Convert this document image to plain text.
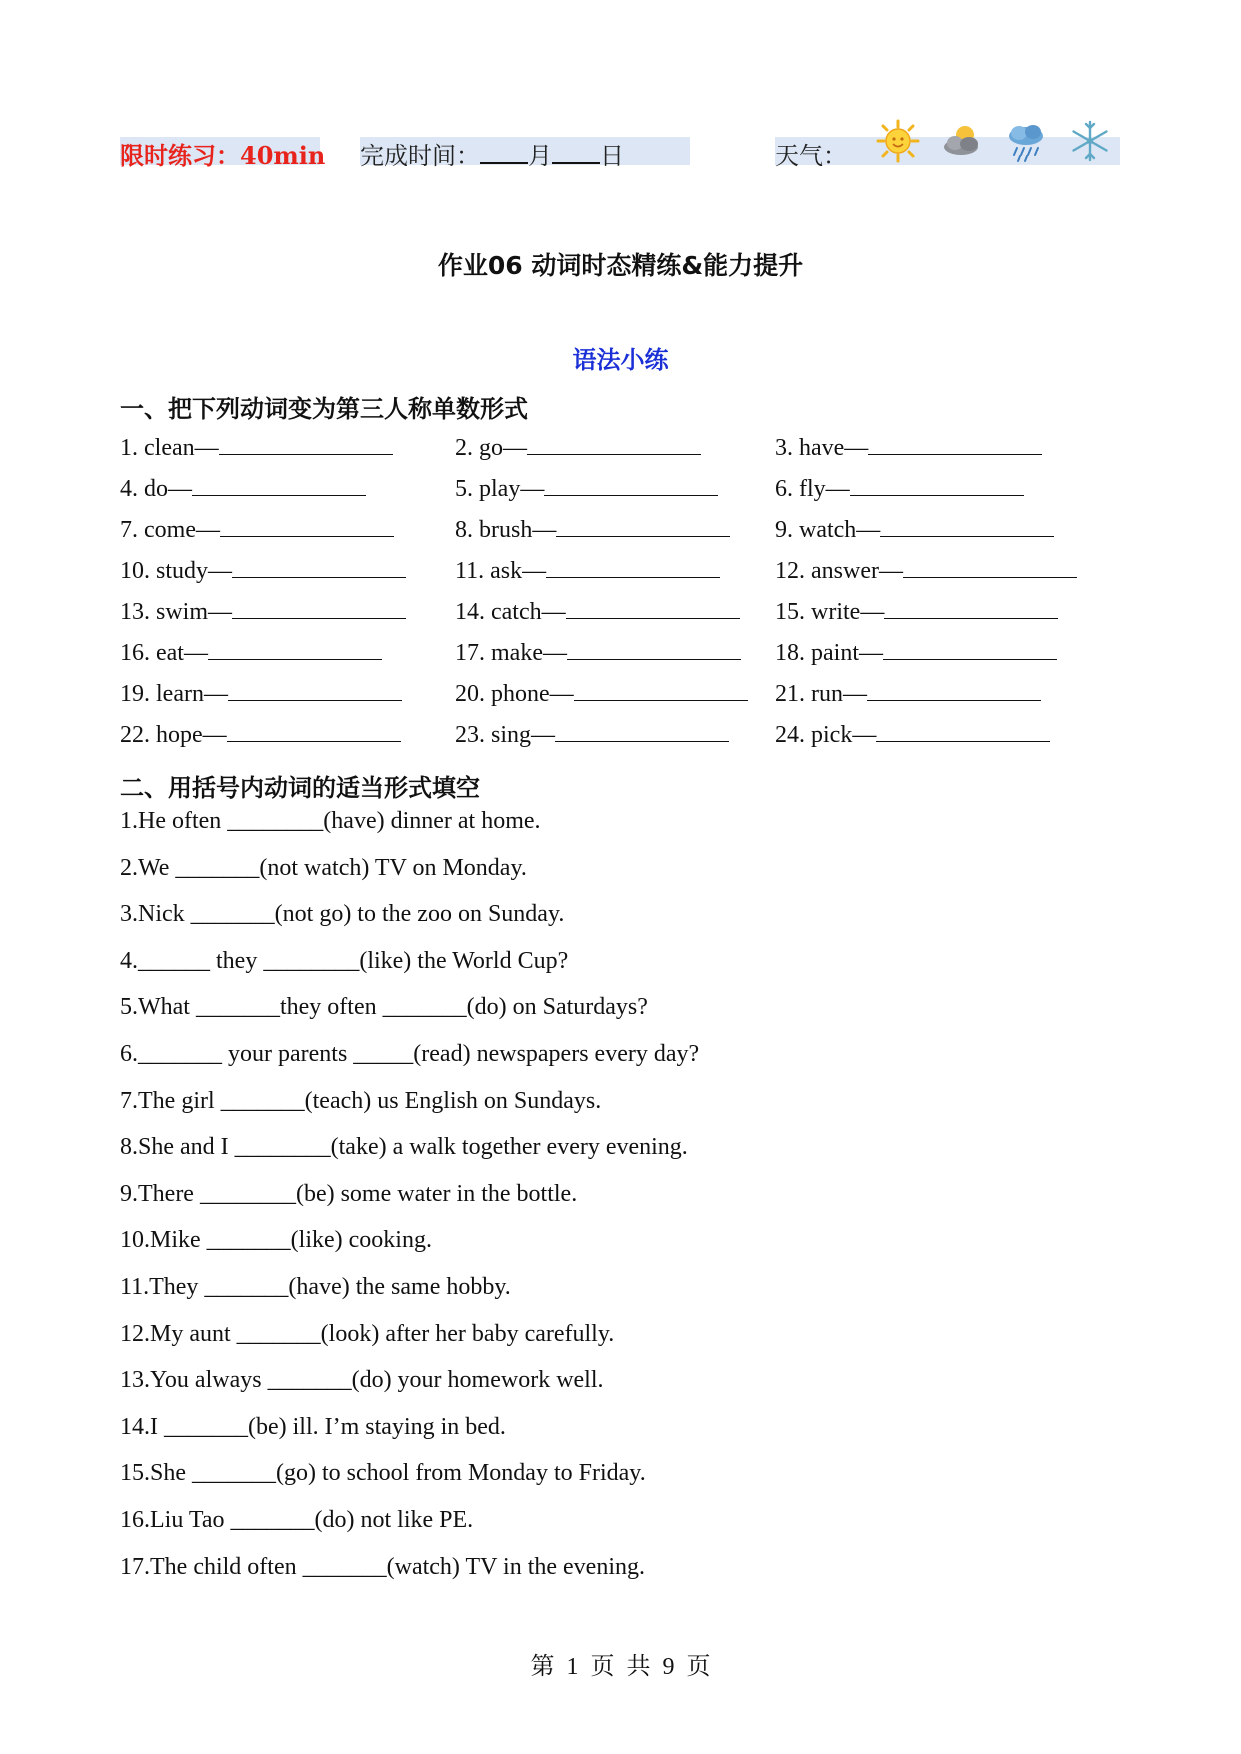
限时练习：40min 完成时间： 月 日	天气：
作业06 动词时态精练&能力提升
语法小练
一、把下列动词变为第三人称单数形式
1. clean—	2. go—	3. have—
4. do—	5. play—	6. fly—
7. come—	8. brush—	9. watch—
10. study—	11. ask—	12. answer—
13. swim—	14. catch—	15. write—
16. eat—	17. make—	18. paint—
19. learn—	20. phone—	21. run—
22. hope—	23. sing—	24. pick—
二、用括号内动词的适当形式填空
1.He often ________(have) dinner at home.
2.We _______(not watch) TV on Monday.
3.Nick _______(not go) to the zoo on Sunday.
4.______ they ________(like) the World Cup?
5.What _______they often _______(do) on Saturdays?
6._______ your parents _____(read) newspapers every day?
7.The girl _______(teach) us English on Sundays.
8.She and I ________(take) a walk together every evening.
9.There ________(be) some water in the bottle.
10.Mike _______(like) cooking.
11.They _______(have) the same hobby.
12.My aunt _______(look) after her baby carefully.
13.You always _______(do) your homework well.
14.I _______(be) ill. I’m staying in bed.
15.She _______(go) to school from Monday to Friday.
16.Liu Tao _______(do) not like PE.
17.The child often _______(watch) TV in the evening.
第 1 页 共 9 页
